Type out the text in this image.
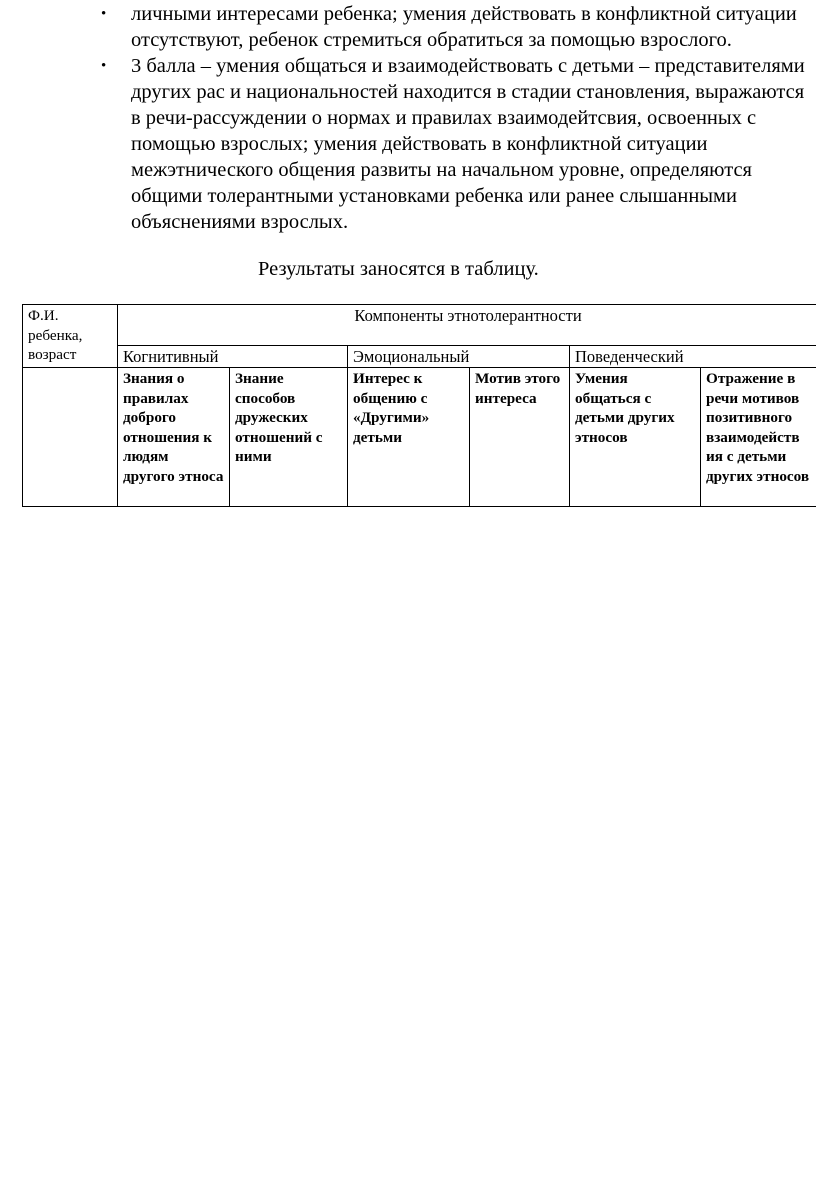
• личными интересами ребенка; умения действовать в конфликтной ситуации отсутствуют, ребенок стремиться обратиться за помощью взрослого.
• 3 балла – умения общаться и взаимодействовать с детьми – представителями других рас и национальностей находится в стадии становления, выражаются в речи-рассуждении о нормах и правилах взаимодейтсвия, освоенных с помощью взрослых; умения действовать в конфликтной ситуации межэтнического общения развиты на начальном уровне, определяются общими толерантными установками ребенка или ранее слышанными объяснениями взрослых.
Результаты заносятся в таблицу.
Ф.И. ребенка, возраст	Компоненты этнотолерантности					
	Когнитивный		Эмоциональный		Поведенческий	
	Знания о правилах доброго отношения к людям другого этноса	Знание способов дружеских отношений с ними	Интерес к общению с «Другими» детьми	Мотив этого интереса	Умения общаться с детьми других этносов	Отражение в речи мотивов позитивного взаимодейств ия с детьми других этносов
